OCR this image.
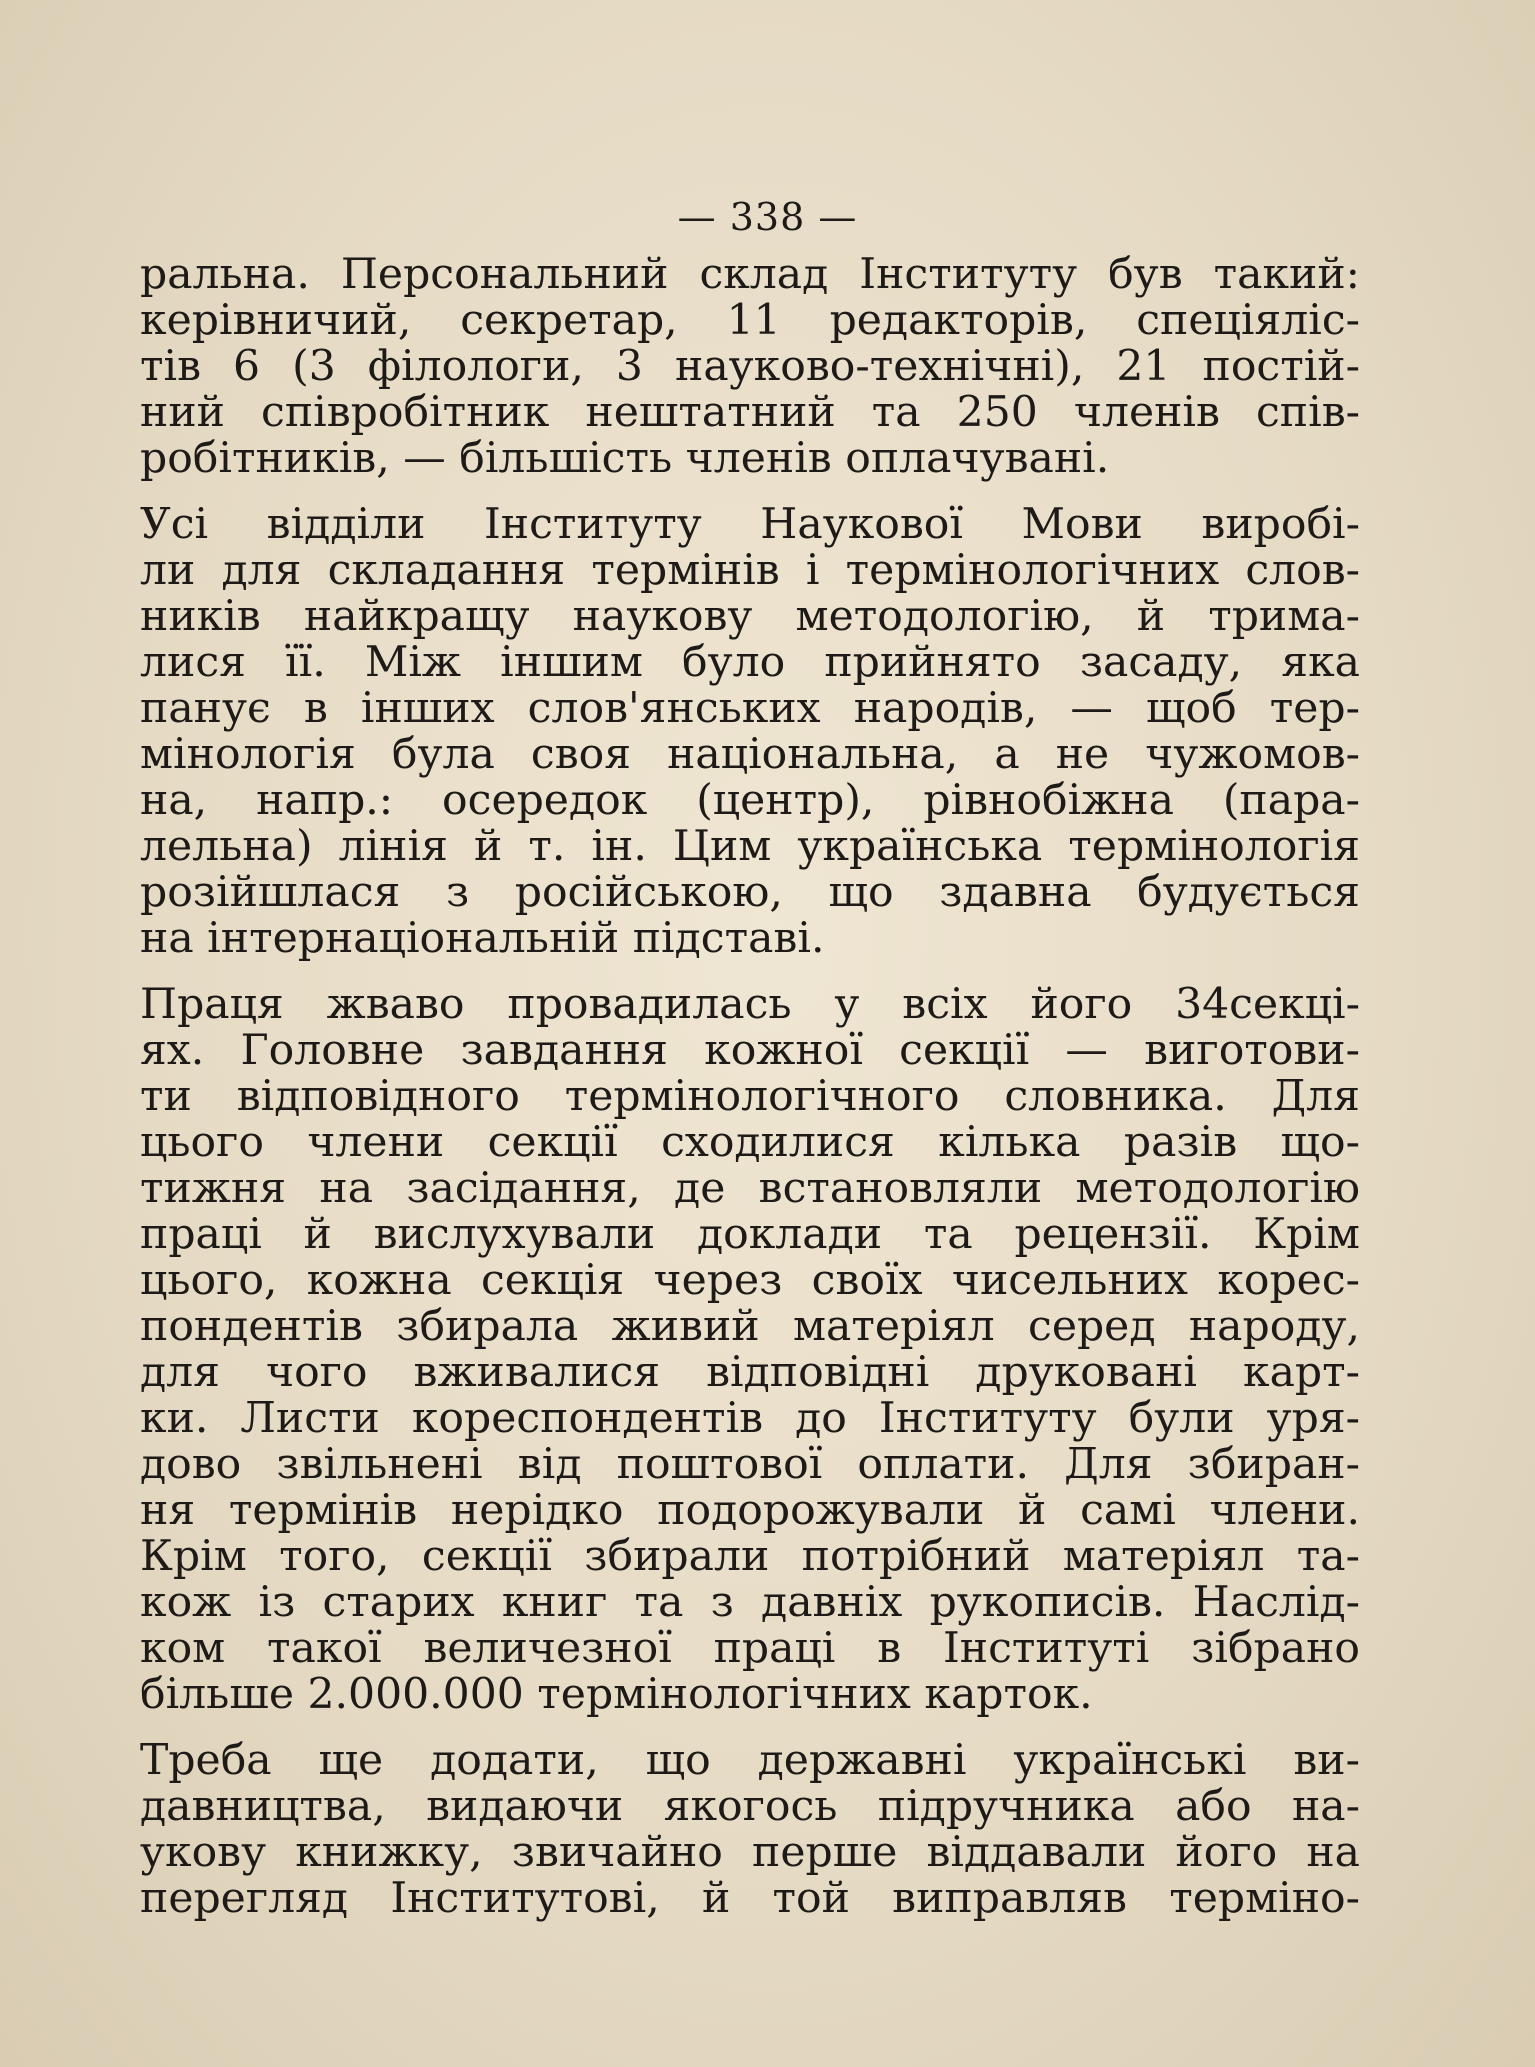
— 338 —

ральна. Персональний склад Інституту був такий:
керівничий, секретар, 11 редакторів, спеціяліс-
тів 6 (3 філологи, 3 науково-технічні), 21 постій-
ний співробітник нештатний та 250 членів спів-
робітників, — більшість членів оплачувані.

Усі відділи Інституту Наукової Мови виробі-
ли для складання термінів і термінологічних слов-
ників найкращу наукову методологію, й трима-
лися її. Між іншим було прийнято засаду, яка
панує в інших слов'янських народів, — щоб тер-
мінологія була своя національна, а не чужомов-
на, напр.: осередок (центр), рівнобіжна (пара-
лельна) лінія й т. ін. Цим українська термінологія
розійшлася з російською, що здавна будується
на інтернаціональній підставі.

Праця жваво провадилась у всіх його 34секці-
ях. Головне завдання кожної секції — виготови-
ти відповідного термінологічного словника. Для
цього члени секції сходилися кілька разів що-
тижня на засідання, де встановляли методологію
праці й вислухували доклади та рецензії. Крім
цього, кожна секція через своїх чисельних корес-
пондентів збирала живий матеріял серед народу,
для чого вживалися відповідні друковані карт-
ки. Листи кореспондентів до Інституту були уря-
дово звільнені від поштової оплати. Для збиран-
ня термінів нерідко подорожували й самі члени.
Крім того, секції збирали потрібний матеріял та-
кож із старих книг та з давніх рукописів. Наслід-
ком такої величезної праці в Інституті зібрано
більше 2.000.000 термінологічних карток.

Треба ще додати, що державні українські ви-
давництва, видаючи якогось підручника або на-
укову книжку, звичайно перше віддавали його на
перегляд Інститутові, й той виправляв терміно-
